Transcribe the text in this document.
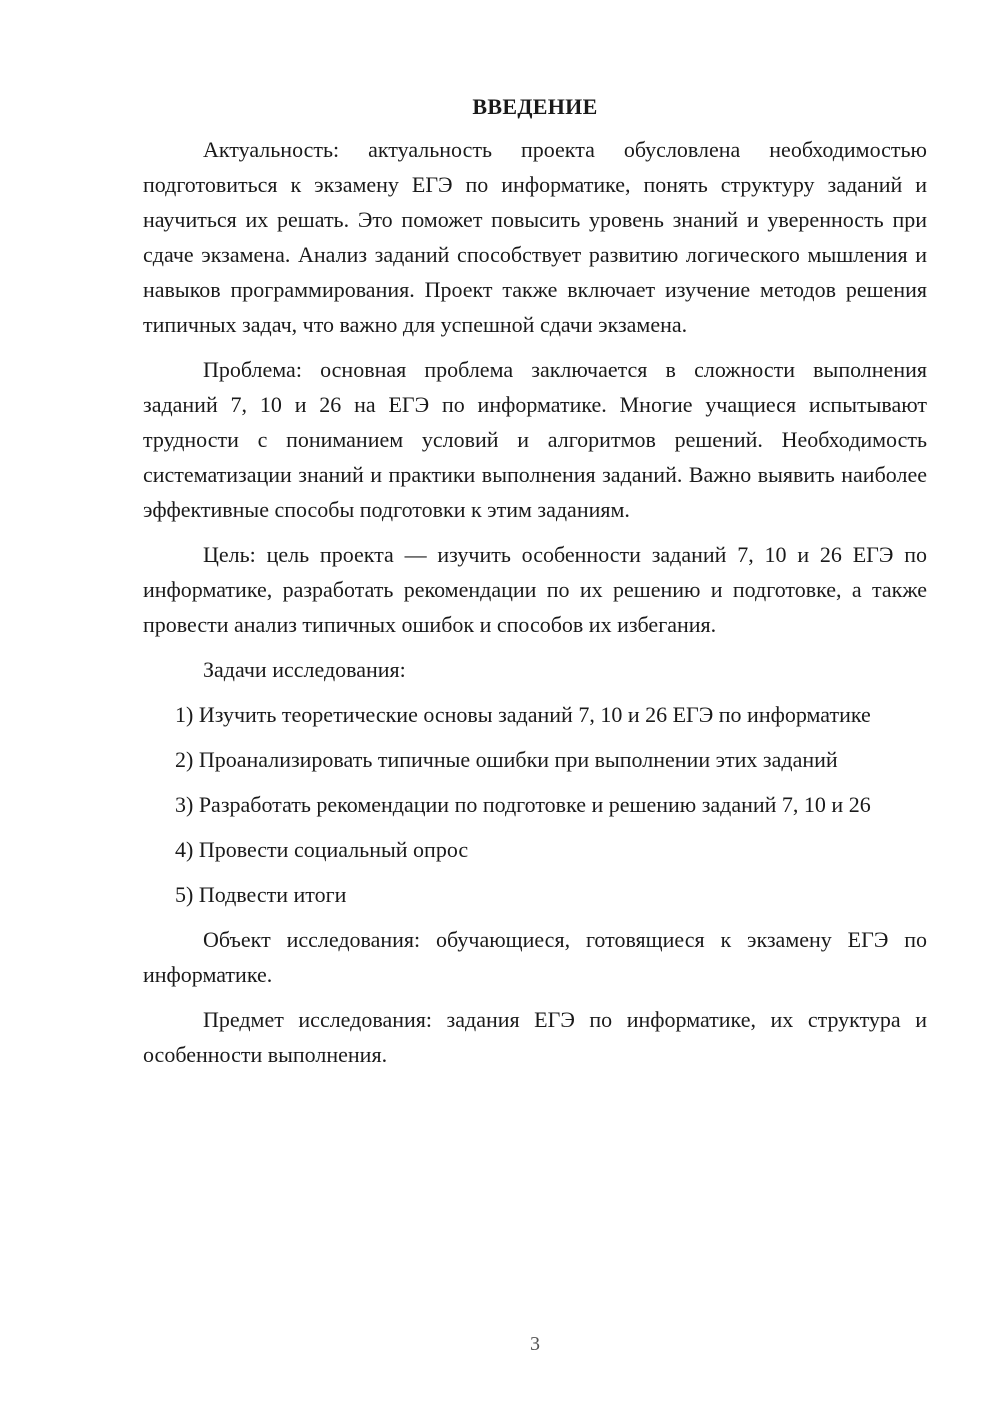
ВВЕДЕНИЕ

Актуальность: актуальность проекта обусловлена необходимостью подготовиться к экзамену ЕГЭ по информатике, понять структуру заданий и научиться их решать. Это поможет повысить уровень знаний и уверенность при сдаче экзамена. Анализ заданий способствует развитию логического мышления и навыков программирования. Проект также включает изучение методов решения типичных задач, что важно для успешной сдачи экзамена.

Проблема: основная проблема заключается в сложности выполнения заданий 7, 10 и 26 на ЕГЭ по информатике. Многие учащиеся испытывают трудности с пониманием условий и алгоритмов решений. Необходимость систематизации знаний и практики выполнения заданий. Важно выявить наиболее эффективные способы подготовки к этим заданиям.

Цель: цель проекта — изучить особенности заданий 7, 10 и 26 ЕГЭ по информатике, разработать рекомендации по их решению и подготовке, а также провести анализ типичных ошибок и способов их избегания.

Задачи исследования:

1) Изучить теоретические основы заданий 7, 10 и 26 ЕГЭ по информатике

2) Проанализировать типичные ошибки при выполнении этих заданий

3) Разработать рекомендации по подготовке и решению заданий 7, 10 и 26

4) Провести социальный опрос

5) Подвести итоги

Объект исследования: обучающиеся, готовящиеся к экзамену ЕГЭ по информатике.

Предмет исследования: задания ЕГЭ по информатике, их структура и особенности выполнения.

3
